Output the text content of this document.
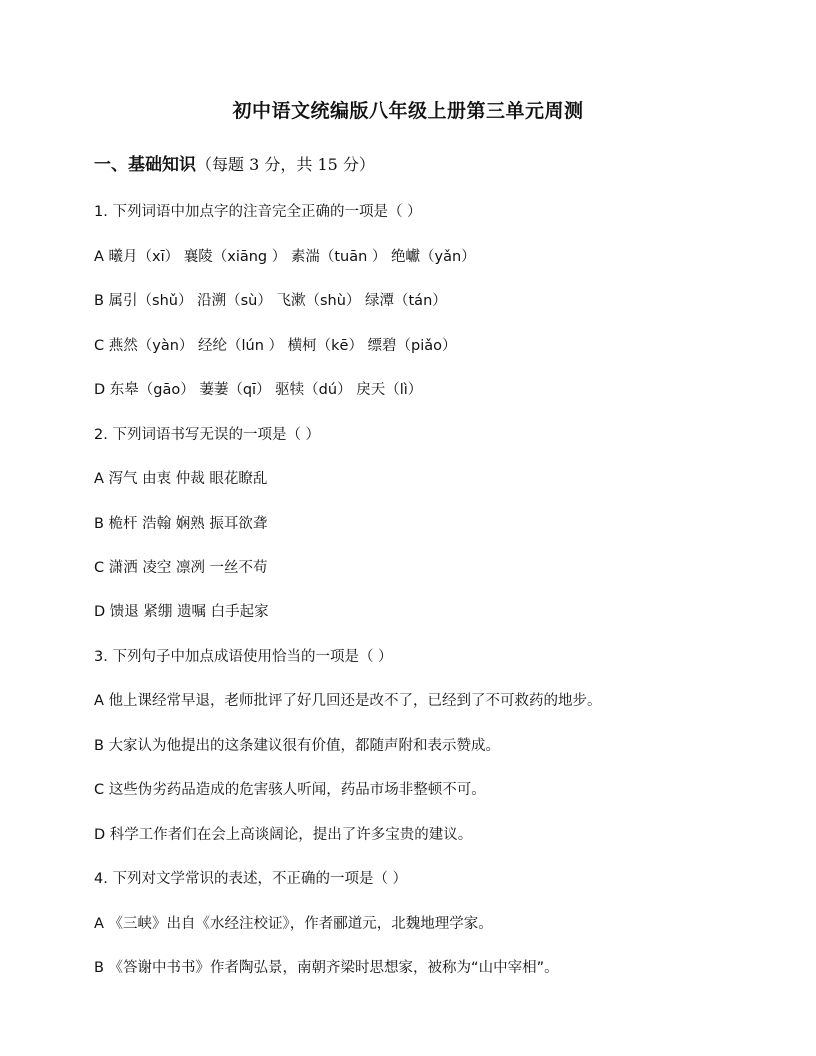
初中语文统编版八年级上册第三单元周测

一、基础知识（每题 3 分，共 15 分）

1. 下列词语中加点字的注音完全正确的一项是（ ）

A 曦月（xī） 襄陵（xiāng ） 素湍（tuān ） 绝巘（yǎn）

B 属引（shǔ） 沿溯（sù） 飞漱（shù） 绿潭（tán）

C 燕然（yàn） 经纶（lún ） 横柯（kē） 缥碧（piǎo）

D 东皋（gāo） 萋萋（qī） 驱犊（dú） 戾天（lì）

2. 下列词语书写无误的一项是（ ）

A 泻气 由衷 仲裁 眼花瞭乱

B 桅杆 浩翰 娴熟 振耳欲聋

C 潇洒 凌空 凛冽 一丝不苟

D 馈退 紧绷 遗嘱 白手起家

3. 下列句子中加点成语使用恰当的一项是（ ）

A 他上课经常早退，老师批评了好几回还是改不了，已经到了不可救药的地步。

B 大家认为他提出的这条建议很有价值，都随声附和表示赞成。

C 这些伪劣药品造成的危害骇人听闻，药品市场非整顿不可。

D 科学工作者们在会上高谈阔论，提出了许多宝贵的建议。

4. 下列对文学常识的表述，不正确的一项是（ ）

A 《三峡》出自《水经注校证》，作者郦道元，北魏地理学家。

B 《答谢中书书》作者陶弘景，南朝齐梁时思想家，被称为“山中宰相”。
